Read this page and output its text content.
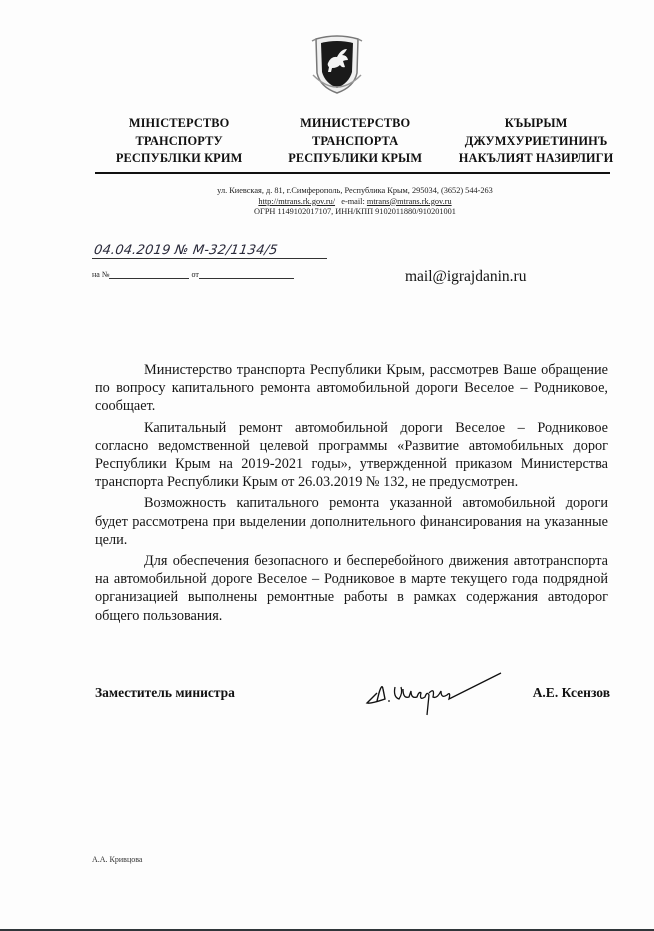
МІНІСТЕРСТВО
ТРАНСПОРТУ
РЕСПУБЛІКИ КРИМ
МИНИСТЕРСТВО
ТРАНСПОРТА
РЕСПУБЛИКИ КРЫМ
КЪЫРЫМ
ДЖУМХУРИЕТИНИНЪ
НАКЪЛИЯТ НАЗИРЛИГИ
ул. Киевская, д. 81, г.Симферополь, Республика Крым, 295034, (3652) 544-263
http://mtrans.rk.gov.ru/ e-mail: mtrans@mtrans.rk.gov.ru
ОГРН 1149102017107, ИНН/КПП 9102011880/910201001
04.04.2019 № М-32/1134/5
на №	от	mail@igrajdanin.ru

Министерство транспорта Республики Крым, рассмотрев Ваше обращение по вопросу капитального ремонта автомобильной дороги Веселое – Родниковое, сообщает.

Капитальный ремонт автомобильной дороги Веселое – Родниковое согласно ведомственной целевой программы «Развитие автомобильных дорог Республики Крым на 2019-2021 годы», утвержденной приказом Министерства транспорта Республики Крым от 26.03.2019 № 132, не предусмотрен.

Возможность капитального ремонта указанной автомобильной дороги будет рассмотрена при выделении дополнительного финансирования на указанные цели.

Для обеспечения безопасного и бесперебойного движения автотранспорта на автомобильной дороге Веселое – Родниковое в марте текущего года подрядной организацией выполнены ремонтные работы в рамках содержания автодорог общего пользования.

Заместитель министра	А.Е. Ксензов
А.А. Кривцова
